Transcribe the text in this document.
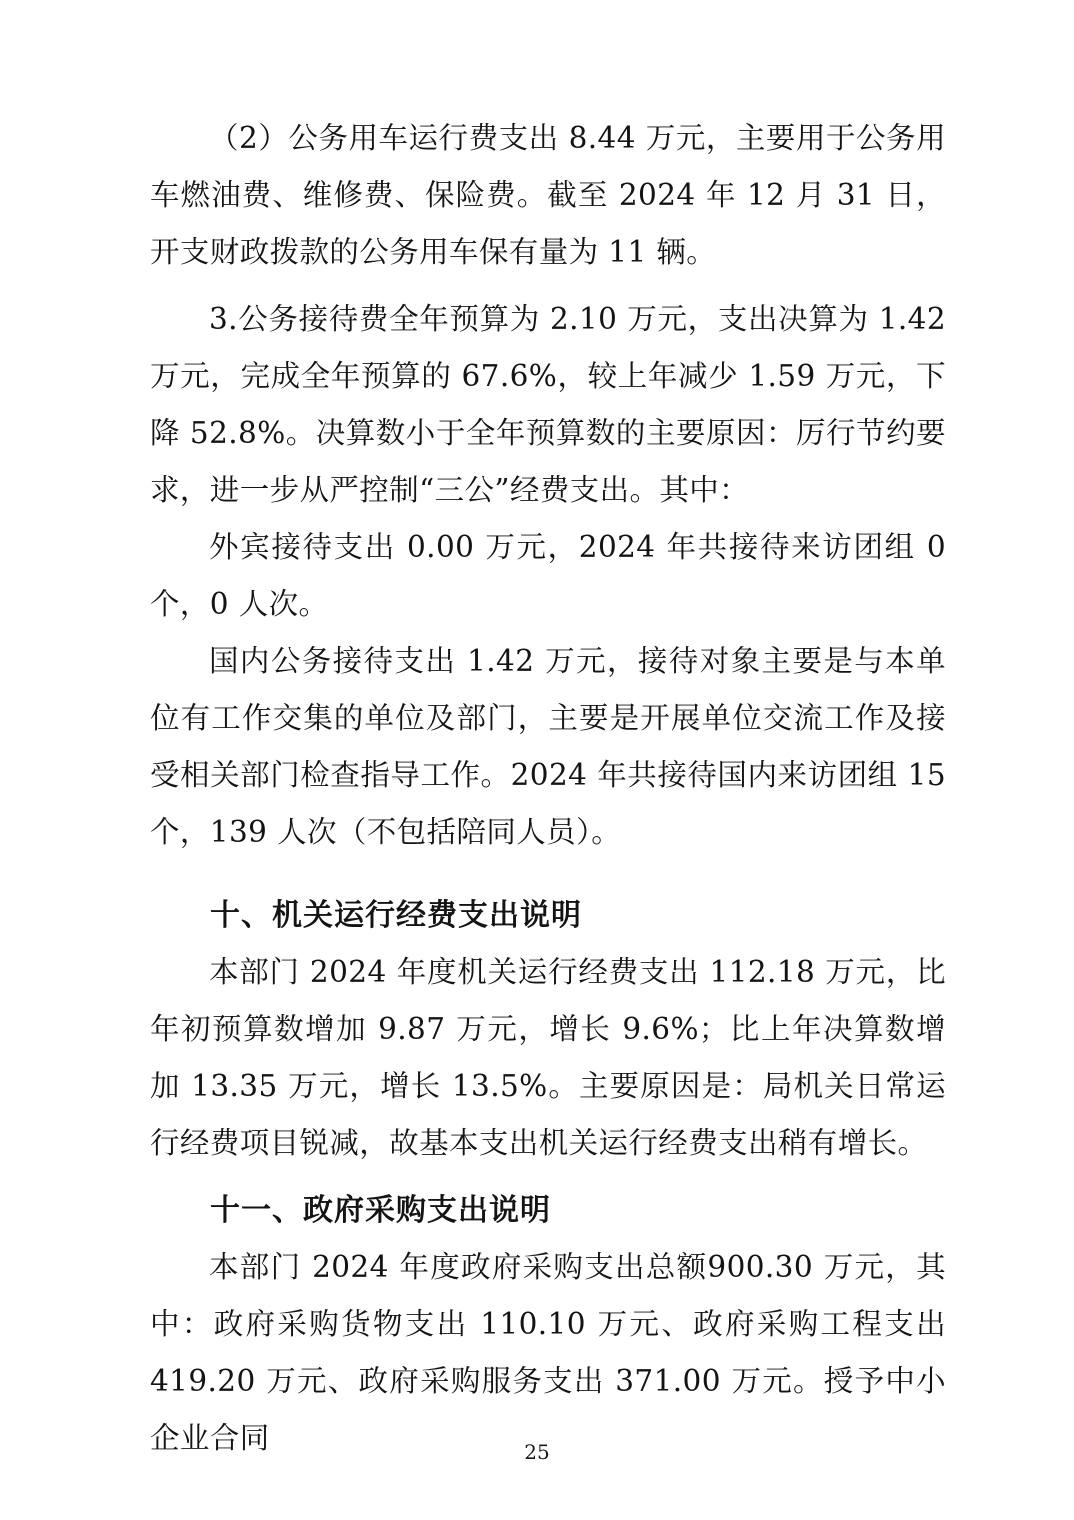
（2）公务用车运行费支出 8.44 万元，主要用于公务用车燃油费、维修费、保险费。截至 2024 年 12 月 31 日，开支财政拨款的公务用车保有量为 11 辆。

3.公务接待费全年预算为 2.10 万元，支出决算为 1.42 万元，完成全年预算的 67.6%，较上年减少 1.59 万元，下降 52.8%。决算数小于全年预算数的主要原因：厉行节约要求，进一步从严控制“三公”经费支出。其中：

外宾接待支出 0.00 万元，2024 年共接待来访团组 0 个，0 人次。

国内公务接待支出 1.42 万元，接待对象主要是与本单位有工作交集的单位及部门，主要是开展单位交流工作及接受相关部门检查指导工作。2024 年共接待国内来访团组 15 个，139 人次（不包括陪同人员）。

十、机关运行经费支出说明

本部门 2024 年度机关运行经费支出 112.18 万元，比年初预算数增加 9.87 万元，增长 9.6%；比上年决算数增加 13.35 万元，增长 13.5%。主要原因是：局机关日常运行经费项目锐减，故基本支出机关运行经费支出稍有增长。

十一、政府采购支出说明

本部门 2024 年度政府采购支出总额900.30 万元，其中：政府采购货物支出 110.10 万元、政府采购工程支出 419.20 万元、政府采购服务支出 371.00 万元。授予中小企业合同	25
